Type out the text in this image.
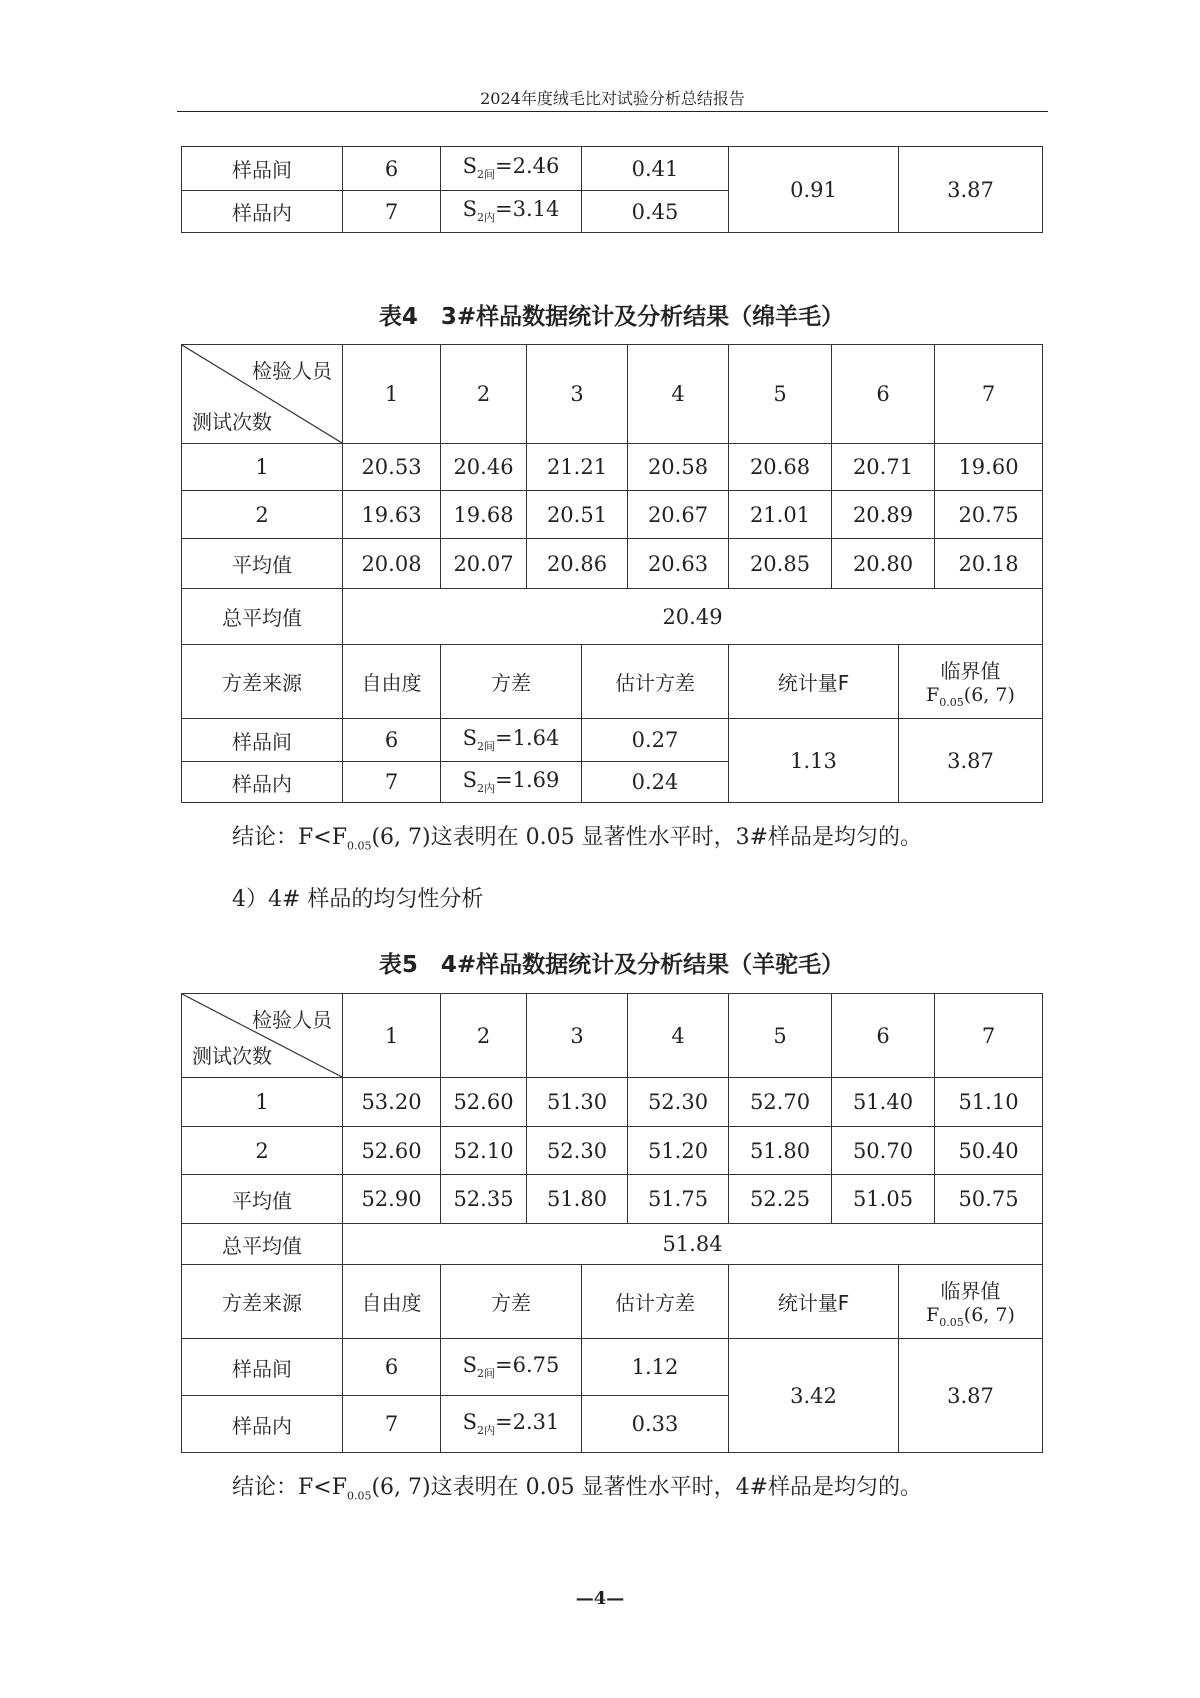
2024年度绒毛比对试验分析总结报告
样品间	6	$S_{2间}=2.46$	0.41	0.91	3.87
样品内	7	$S_{2内}=3.14$	0.45		
表4　3#样品数据统计及分析结果（绵羊毛）
检验人员
测试次数	1	2	3	4	5	6	7
1	20.53	20.46	21.21	20.58	20.68	20.71	19.60
2	19.63	19.68	20.51	20.67	21.01	20.89	20.75
平均值	20.08	20.07	20.86	20.63	20.85	20.80	20.18
总平均值	20.49						
方差来源	自由度	方差	估计方差	统计量F	临界值
$F_{0.05}(6$, 7)

样品间	6	$S_{2间}=1.64$	0.27	1.13	3.87
样品内	7	$S_{2内}=1.69$	0.24		
结论：$F<F_{0.05}(6$, 7)这表明在 0.05 显著性水平时，3#样品是均匀的。
4）4# 样品的均匀性分析
表5　4#样品数据统计及分析结果（羊驼毛）
检验人员
测试次数	1	2	3	4	5	6	7
1	53.20	52.60	51.30	52.30	52.70	51.40	51.10
2	52.60	52.10	52.30	51.20	51.80	50.70	50.40
平均值	52.90	52.35	51.80	51.75	52.25	51.05	50.75
总平均值	51.84						
方差来源	自由度	方差	估计方差	统计量F	临界值
$F_{0.05}(6$, 7)

样品间	6	$S_{2间}=6.75$	1.12	3.42	3.87
样品内	7	$S_{2内}=2.31$	0.33		
结论：$F<F_{0.05}(6$, 7)这表明在 0.05 显著性水平时，4#样品是均匀的。
—4—
